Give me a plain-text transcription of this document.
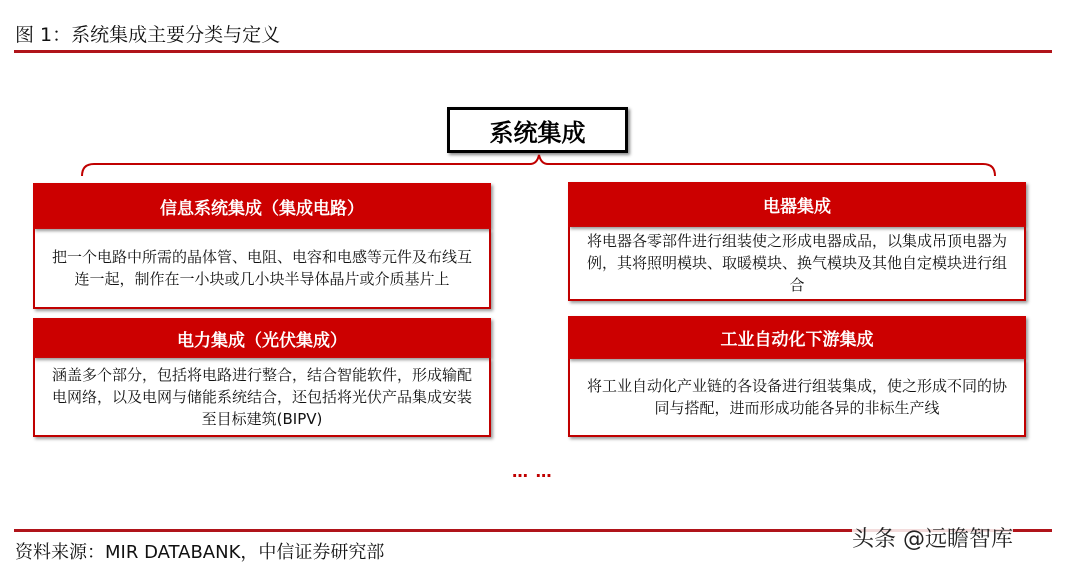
图 1：系统集成主要分类与定义
系统集成
信息系统集成（集成电路）
把一个电路中所需的晶体管、电阻、电容和电感等元件及布线互连一起，制作在一小块或几小块半导体晶片或介质基片上
电器集成
将电器各零部件进行组装使之形成电器成品，以集成吊顶电器为例，其将照明模块、取暖模块、换气模块及其他自定模块进行组合
电力集成（光伏集成）
涵盖多个部分，包括将电路进行整合，结合智能软件，形成输配电网络，以及电网与储能系统结合，还包括将光伏产品集成安装至目标建筑(BIPV)
工业自动化下游集成
将工业自动化产业链的各设备进行组装集成，使之形成不同的协同与搭配，进而形成功能各异的非标生产线
… …
资料来源：MIR DATABANK，中信证券研究部
头条 @远瞻智库
